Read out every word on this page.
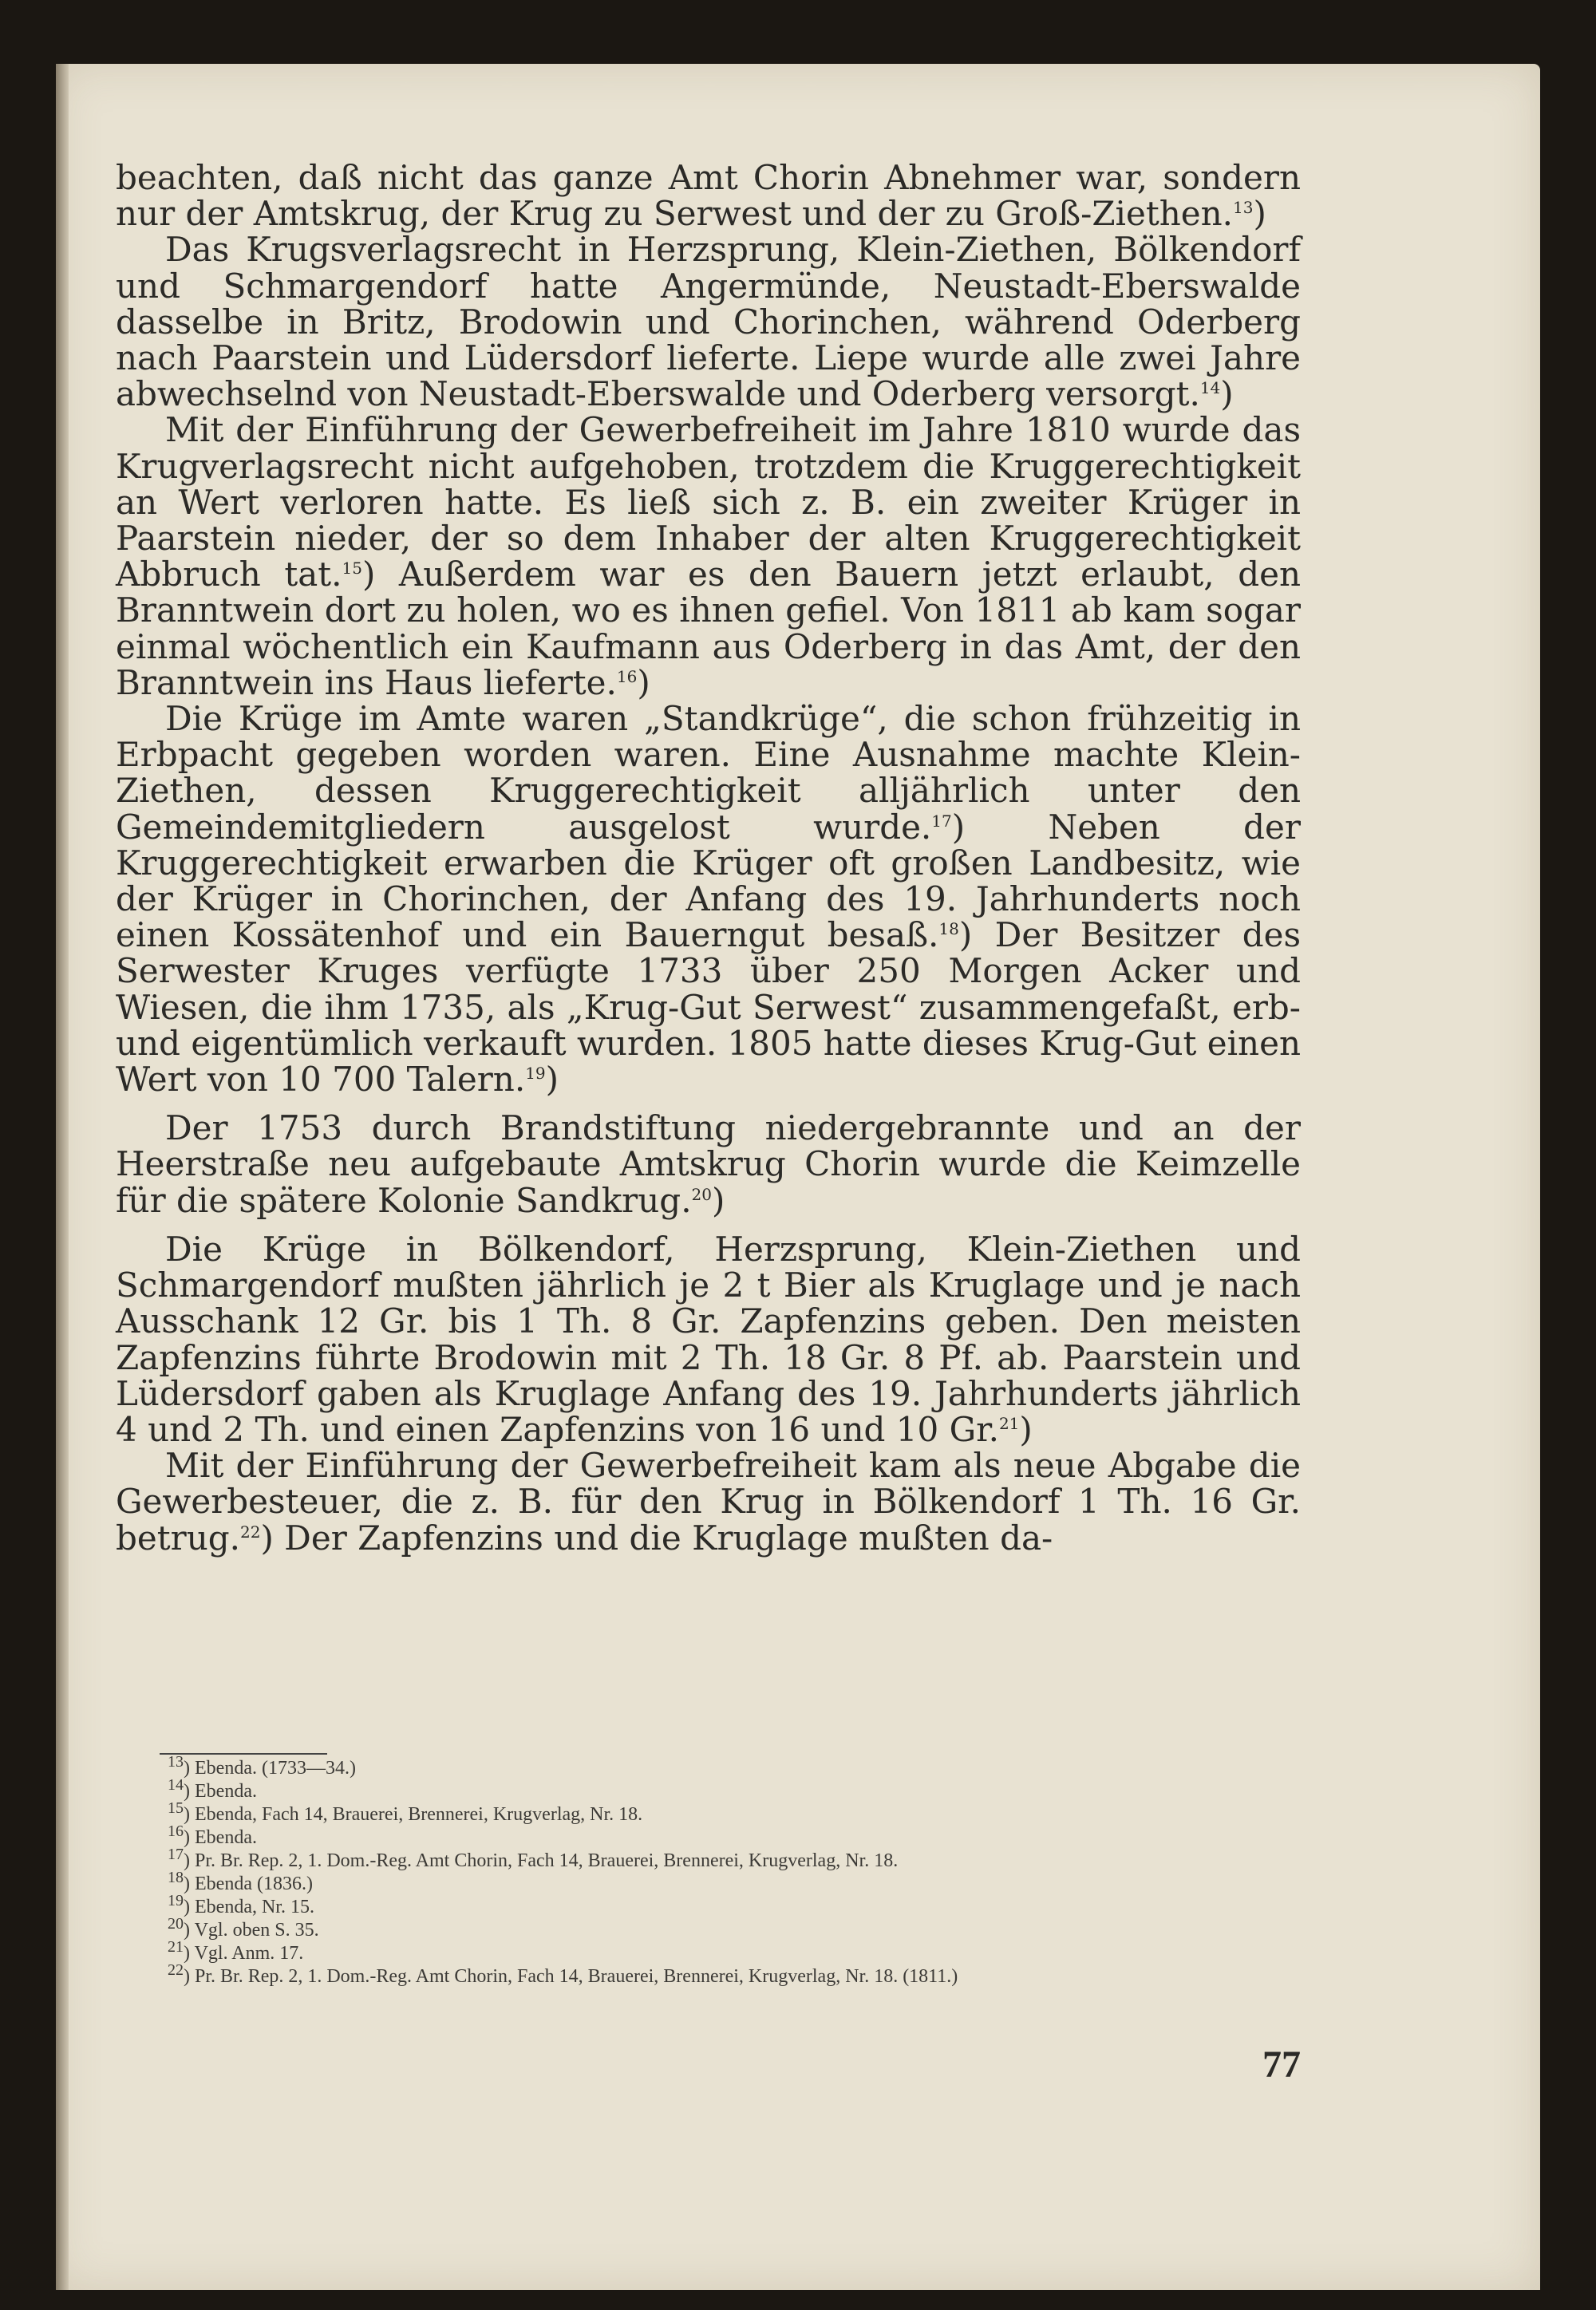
beachten, daß nicht das ganze Amt Chorin Abnehmer war, sondern nur der Amtskrug, der Krug zu Serwest und der zu Groß-Ziethen.$^{13}$)

Das Krugsverlagsrecht in Herzsprung, Klein-Ziethen, Bölkendorf und Schmargendorf hatte Angermünde, Neustadt-Eberswalde dasselbe in Britz, Brodowin und Chorinchen, während Oderberg nach Paarstein und Lüdersdorf lieferte. Liepe wurde alle zwei Jahre abwechselnd von Neustadt-Eberswalde und Oderberg versorgt.$^{14}$)

Mit der Einführung der Gewerbefreiheit im Jahre 1810 wurde das Krugverlagsrecht nicht aufgehoben, trotzdem die Kruggerechtigkeit an Wert verloren hatte. Es ließ sich z. B. ein zweiter Krüger in Paarstein nieder, der so dem Inhaber der alten Kruggerechtigkeit Abbruch tat.$^{15}$) Außerdem war es den Bauern jetzt erlaubt, den Branntwein dort zu holen, wo es ihnen gefiel. Von 1811 ab kam sogar einmal wöchentlich ein Kaufmann aus Oderberg in das Amt, der den Branntwein ins Haus lieferte.$^{16}$)

Die Krüge im Amte waren „Standkrüge“, die schon frühzeitig in Erbpacht gegeben worden waren. Eine Ausnahme machte Klein-Ziethen, dessen Kruggerechtigkeit alljährlich unter den Gemeindemitgliedern ausgelost wurde.$^{17}$) Neben der Kruggerechtigkeit erwarben die Krüger oft großen Landbesitz, wie der Krüger in Chorinchen, der Anfang des 19. Jahrhunderts noch einen Kossätenhof und ein Bauerngut besaß.$^{18}$) Der Besitzer des Serwester Kruges verfügte 1733 über 250 Morgen Acker und Wiesen, die ihm 1735, als „Krug-Gut Serwest“ zusammengefaßt, erb- und eigentümlich verkauft wurden. 1805 hatte dieses Krug-Gut einen Wert von 10 700 Talern.$^{19}$)

Der 1753 durch Brandstiftung niedergebrannte und an der Heerstraße neu aufgebaute Amtskrug Chorin wurde die Keimzelle für die spätere Kolonie Sandkrug.$^{20}$)

Die Krüge in Bölkendorf, Herzsprung, Klein-Ziethen und Schmargendorf mußten jährlich je 2 t Bier als Kruglage und je nach Ausschank 12 Gr. bis 1 Th. 8 Gr. Zapfenzins geben. Den meisten Zapfenzins führte Brodowin mit 2 Th. 18 Gr. 8 Pf. ab. Paarstein und Lüdersdorf gaben als Kruglage Anfang des 19. Jahrhunderts jährlich 4 und 2 Th. und einen Zapfenzins von 16 und 10 Gr.$^{21}$)

Mit der Einführung der Gewerbefreiheit kam als neue Abgabe die Gewerbesteuer, die z. B. für den Krug in Bölkendorf 1 Th. 16 Gr. betrug.$^{22}$) Der Zapfenzins und die Kruglage mußten da-

$^{13}$) Ebenda. (1733—34.)

$^{14}$) Ebenda.

$^{15}$) Ebenda, Fach 14, Brauerei, Brennerei, Krugverlag, Nr. 18.

$^{16}$) Ebenda.

$^{17}$) Pr. Br. Rep. 2, 1. Dom.-Reg. Amt Chorin, Fach 14, Brauerei, Brennerei, Krugverlag, Nr. 18.

$^{18}$) Ebenda (1836.)

$^{19}$) Ebenda, Nr. 15.

$^{20}$) Vgl. oben S. 35.

$^{21}$) Vgl. Anm. 17.

$^{22}$) Pr. Br. Rep. 2, 1. Dom.-Reg. Amt Chorin, Fach 14, Brauerei, Brennerei, Krugverlag, Nr. 18. (1811.)

77
